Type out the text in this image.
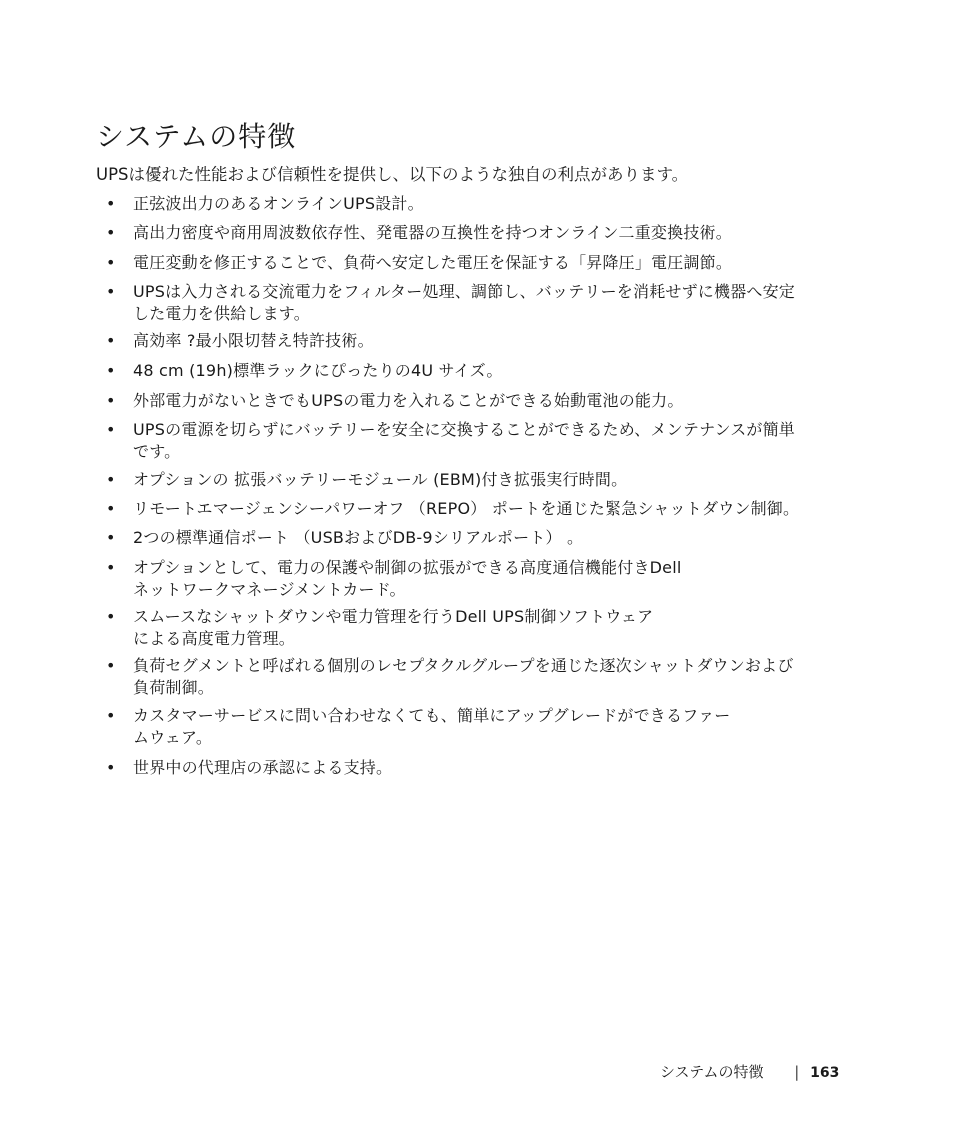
システムの特徴

UPSは優れた性能および信頼性を提供し、以下のような独自の利点があります。

•	正弦波出力のあるオンラインUPS設計。
•	高出力密度や商用周波数依存性、発電器の互換性を持つオンライン二重変換技術。
•	電圧変動を修正することで、負荷へ安定した電圧を保証する「昇降圧」電圧調節。
•	UPSは入力される交流電力をフィルター処理、調節し、バッテリーを消耗せずに機器へ安定
した電力を供給します。
•	高効率 ?最小限切替え特許技術。
•	48 cm (19h)標準ラックにぴったりの4U サイズ。
•	外部電力がないときでもUPSの電力を入れることができる始動電池の能力。
•	UPSの電源を切らずにバッテリーを安全に交換することができるため、メンテナンスが簡単
です。
•	オプションの 拡張バッテリーモジュール (EBM)付き拡張実行時間。
•	リモートエマージェンシーパワーオフ （REPO） ポートを通じた緊急シャットダウン制御。
•	2つの標準通信ポート （USBおよびDB-9シリアルポート） 。
•	オプションとして、電力の保護や制御の拡張ができる高度通信機能付きDell
ネットワークマネージメントカード。
•	スムースなシャットダウンや電力管理を行うDell UPS制御ソフトウェア
による高度電力管理。
•	負荷セグメントと呼ばれる個別のレセプタクルグループを通じた逐次シャットダウンおよび
負荷制御。
•	カスタマーサービスに問い合わせなくても、簡単にアップグレードができるファー
ムウェア。
•	世界中の代理店の承認による支持。
システムの特徴 | 163
